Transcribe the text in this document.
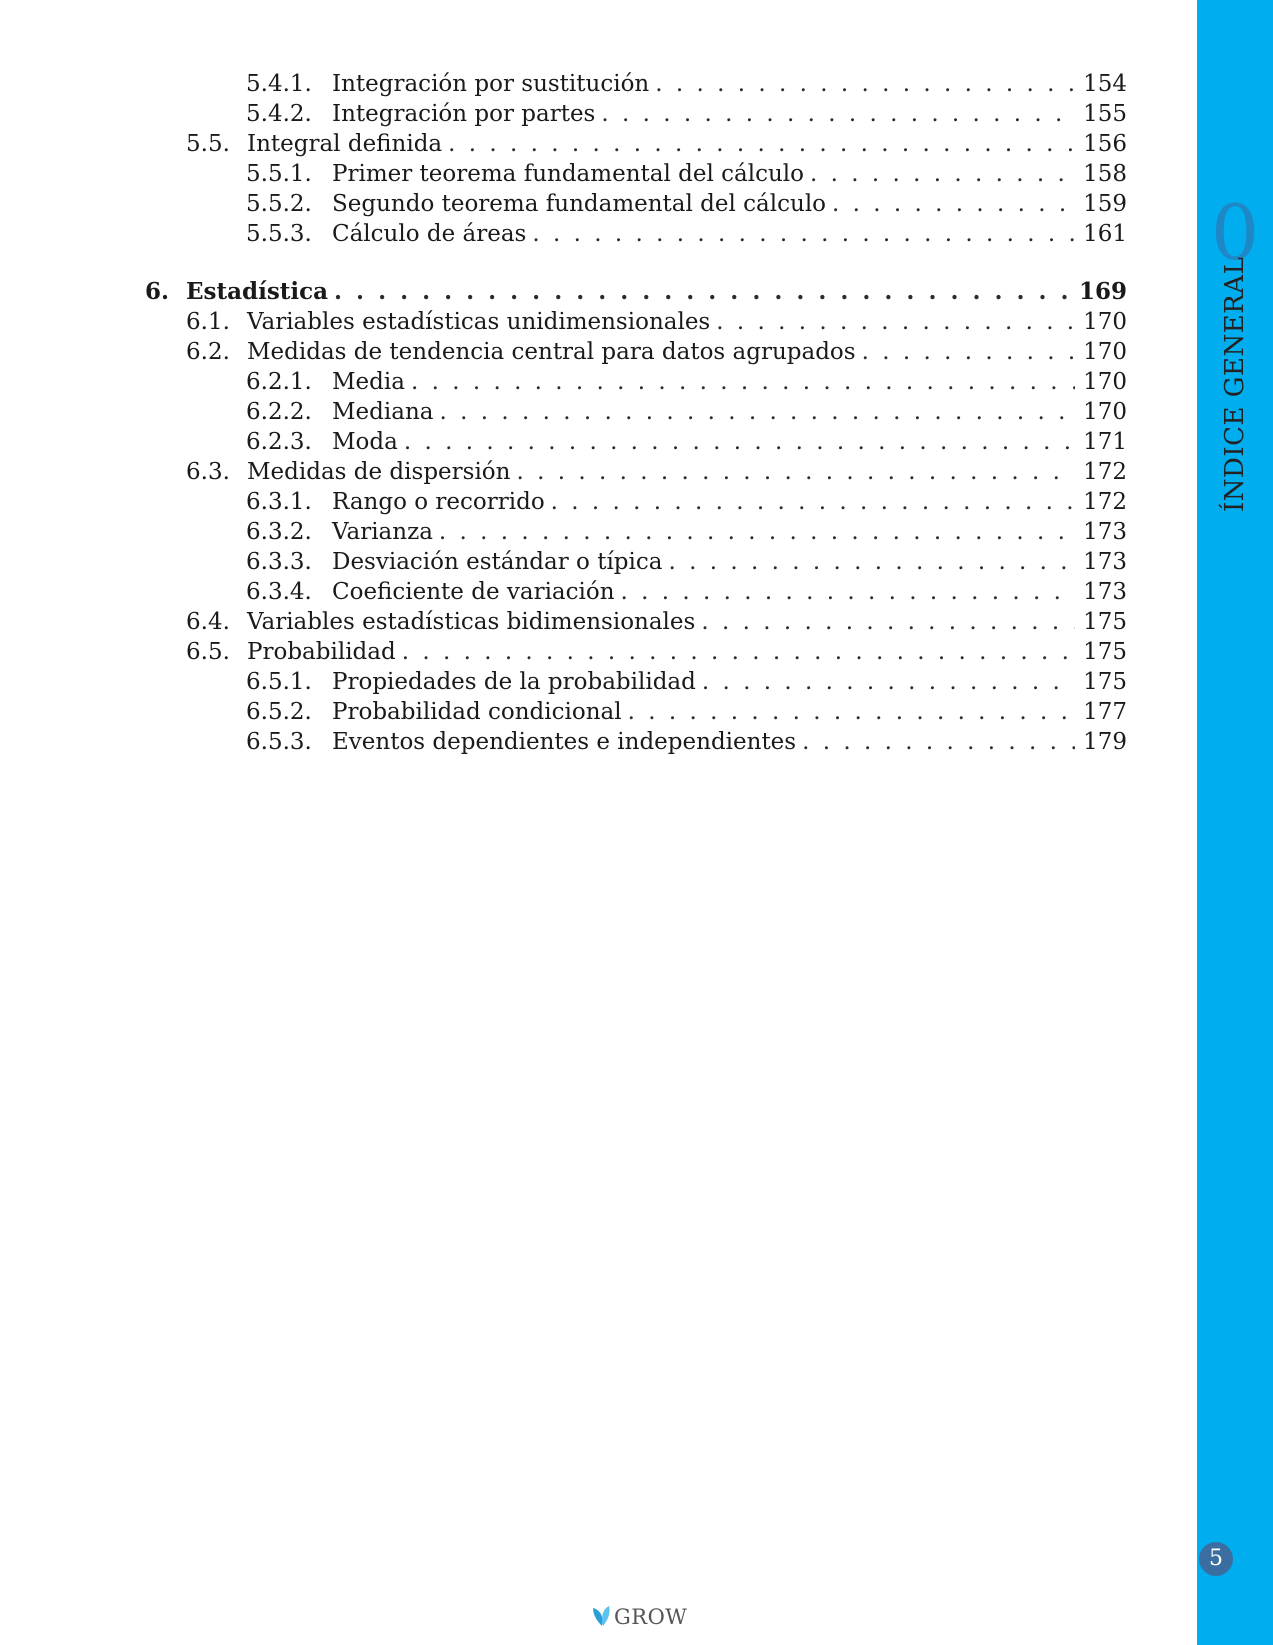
5.4.1. Integración por sustitución . . .	154
5.4.2. Integración por partes . . .	155
5.5. Integral definida . . .	156
5.5.1. Primer teorema fundamental del cálculo . . .	158
5.5.2. Segundo teorema fundamental del cálculo . . .	159
5.5.3. Cálculo de áreas . . .	161
6. Estadística . . .	169
6.1. Variables estadísticas unidimensionales . . .	170
6.2. Medidas de tendencia central para datos agrupados . . .	170
6.2.1. Media . . .	170
6.2.2. Mediana . . .	170
6.2.3. Moda . . .	171
6.3. Medidas de dispersión . . .	172
6.3.1. Rango o recorrido . . .	172
6.3.2. Varianza . . .	173
6.3.3. Desviación estándar o típica . . .	173
6.3.4. Coeficiente de variación . . .	173
6.4. Variables estadísticas bidimensionales . . .	175
6.5. Probabilidad . . .	175
6.5.1. Propiedades de la probabilidad . . .	175
6.5.2. Probabilidad condicional . . .	177
6.5.3. Eventos dependientes e independientes . . .	179
0
ÍNDICE GENERAL
5
GROW
